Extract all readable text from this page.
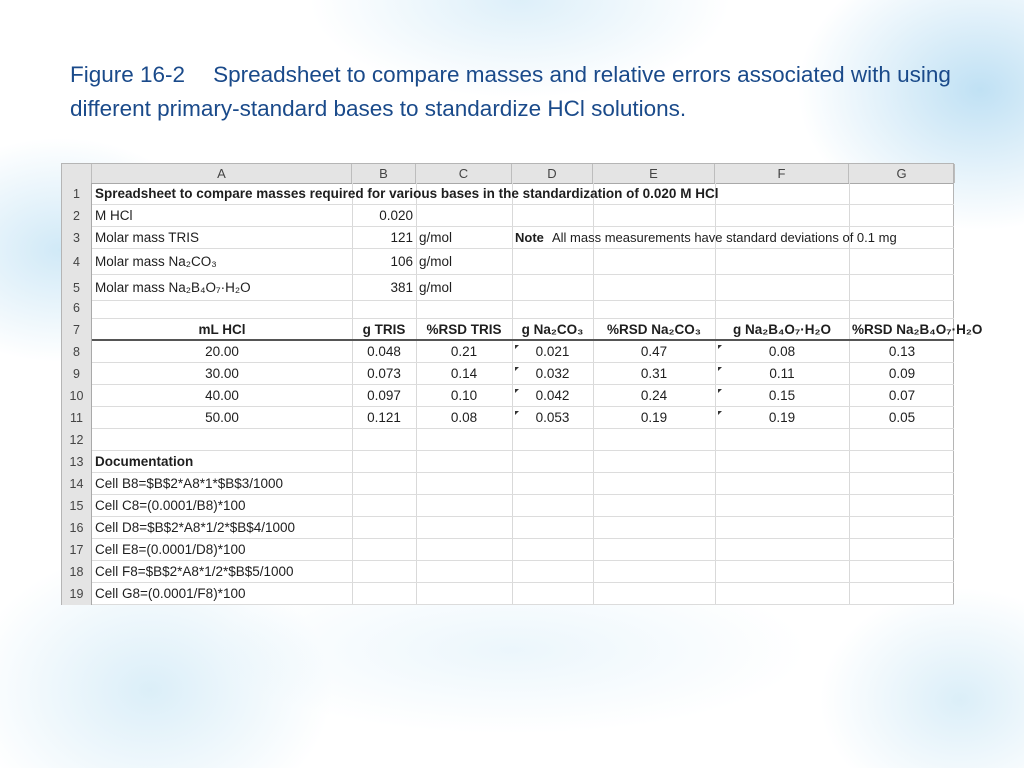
Figure 16-2 Spreadsheet to compare masses and relative errors associated with using different primary-standard bases to standardize HCl solutions.
A	B	C	D	E	F	G
1
2
3
4
5
6
7
8
9
10
11
12
13
14
15
16
17
18
19
Spreadsheet to compare masses required for various bases in the standardization of 0.020 M HCl
M HCl	0.020
Molar mass TRIS	121 g/mol
Molar mass Na₂CO₃	106 g/mol
Molar mass Na₂B₄O₇·H₂O	381 g/mol
Note All mass measurements have standard deviations of 0.1 mg
mL HCl	g TRIS	%RSD TRIS	g Na₂CO₃	%RSD Na₂CO₃	g Na₂B₄O₇·H₂O	%RSD Na₂B₄O₇·H₂O
20.00	0.048	0.21	0.021	0.47	0.08	0.13
30.00	0.073	0.14	0.032	0.31	0.11	0.09
40.00	0.097	0.10	0.042	0.24	0.15	0.07
50.00	0.121	0.08	0.053	0.19	0.19	0.05
Documentation
Cell B8=$B$2*A8*1*$B$3/1000
Cell C8=(0.0001/B8)*100
Cell D8=$B$2*A8*1/2*$B$4/1000
Cell E8=(0.0001/D8)*100
Cell F8=$B$2*A8*1/2*$B$5/1000
Cell G8=(0.0001/F8)*100
